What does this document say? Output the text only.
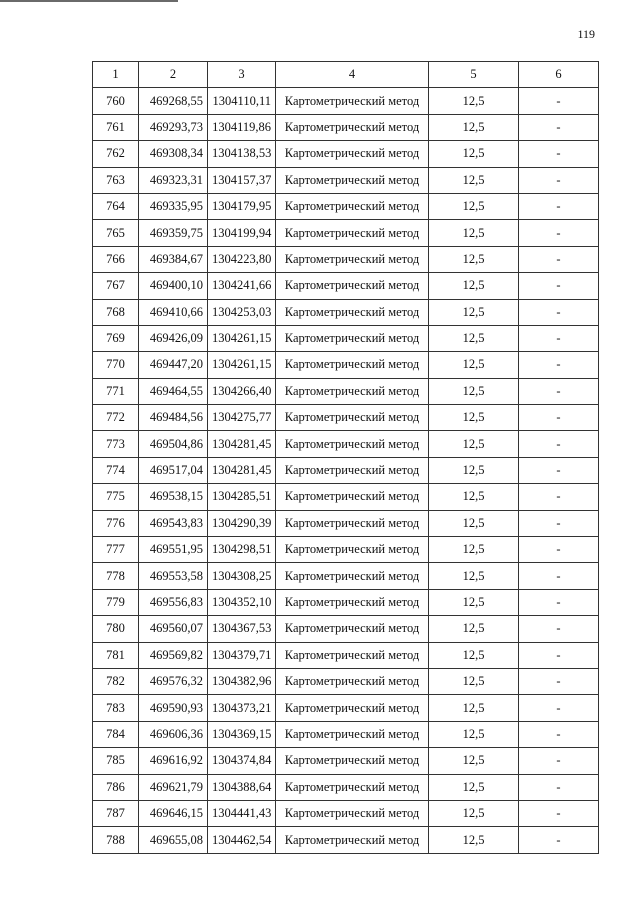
119
1	2	3	4	5	6
760	469268,55	1304110,11	Картометрический метод	12,5	-
761	469293,73	1304119,86	Картометрический метод	12,5	-
762	469308,34	1304138,53	Картометрический метод	12,5	-
763	469323,31	1304157,37	Картометрический метод	12,5	-
764	469335,95	1304179,95	Картометрический метод	12,5	-
765	469359,75	1304199,94	Картометрический метод	12,5	-
766	469384,67	1304223,80	Картометрический метод	12,5	-
767	469400,10	1304241,66	Картометрический метод	12,5	-
768	469410,66	1304253,03	Картометрический метод	12,5	-
769	469426,09	1304261,15	Картометрический метод	12,5	-
770	469447,20	1304261,15	Картометрический метод	12,5	-
771	469464,55	1304266,40	Картометрический метод	12,5	-
772	469484,56	1304275,77	Картометрический метод	12,5	-
773	469504,86	1304281,45	Картометрический метод	12,5	-
774	469517,04	1304281,45	Картометрический метод	12,5	-
775	469538,15	1304285,51	Картометрический метод	12,5	-
776	469543,83	1304290,39	Картометрический метод	12,5	-
777	469551,95	1304298,51	Картометрический метод	12,5	-
778	469553,58	1304308,25	Картометрический метод	12,5	-
779	469556,83	1304352,10	Картометрический метод	12,5	-
780	469560,07	1304367,53	Картометрический метод	12,5	-
781	469569,82	1304379,71	Картометрический метод	12,5	-
782	469576,32	1304382,96	Картометрический метод	12,5	-
783	469590,93	1304373,21	Картометрический метод	12,5	-
784	469606,36	1304369,15	Картометрический метод	12,5	-
785	469616,92	1304374,84	Картометрический метод	12,5	-
786	469621,79	1304388,64	Картометрический метод	12,5	-
787	469646,15	1304441,43	Картометрический метод	12,5	-
788	469655,08	1304462,54	Картометрический метод	12,5	-
